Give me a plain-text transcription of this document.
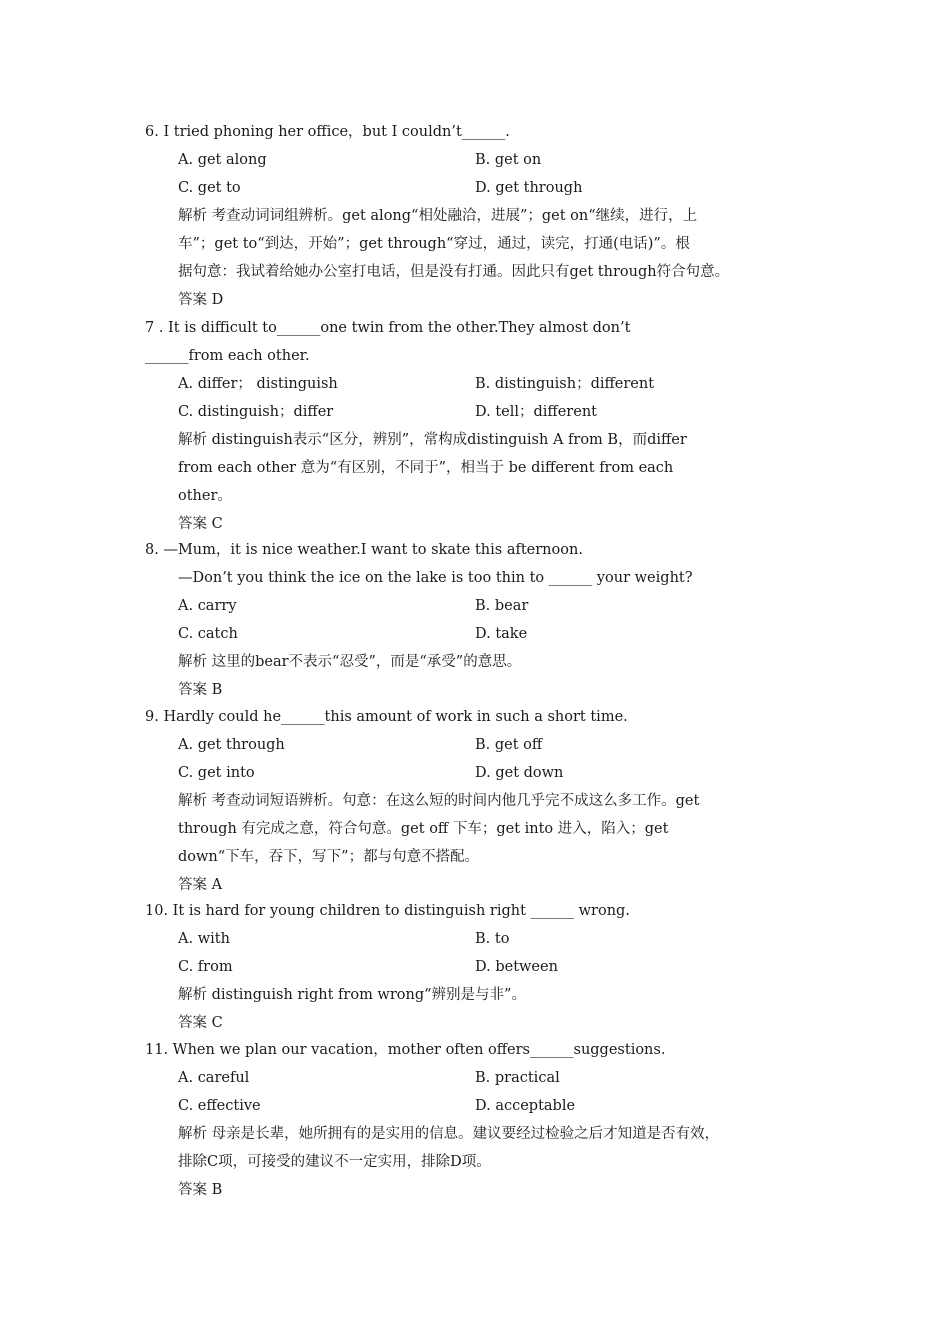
6. I tried phoning her office，but I couldn’t______.
A. get along	B. get on
C. get to	D. get through
解析 考查动词词组辨析。get along“相处融洽，进展”；get on“继续，进行，上
车”；get to“到达，开始”；get through“穿过，通过，读完，打通(电话)”。根
据句意：我试着给她办公室打电话，但是没有打通。因此只有get through符合句意。
答案 D
7 . It is difficult to______one twin from the other.They almost don’t
______from each other.
A. differ； distinguish	B. distinguish；different
C. distinguish；differ	D. tell；different
解析 distinguish表示“区分，辨别”，常构成distinguish A from B，而differ
from each other 意为“有区别，不同于”，相当于 be different from each
other。
答案 C
8. —Mum，it is nice weather.I want to skate this afternoon.
—Don’t you think the ice on the lake is too thin to ______ your weight?
A. carry	B. bear
C. catch	D. take
解析 这里的bear不表示“忍受”，而是“承受”的意思。
答案 B
9. Hardly could he______this amount of work in such a short time.
A. get through	B. get off
C. get into	D. get down
解析 考查动词短语辨析。句意：在这么短的时间内他几乎完不成这么多工作。get
through 有完成之意，符合句意。get off 下车；get into 进入，陷入；get
down“下车，吞下，写下”；都与句意不搭配。
答案 A
10. It is hard for young children to distinguish right ______ wrong.
A. with	B. to
C. from	D. between
解析 distinguish right from wrong“辨别是与非”。
答案 C
11. When we plan our vacation，mother often offers______suggestions.
A. careful	B. practical
C. effective	D. acceptable
解析 母亲是长辈，她所拥有的是实用的信息。建议要经过检验之后才知道是否有效，
排除C项，可接受的建议不一定实用，排除D项。
答案 B
